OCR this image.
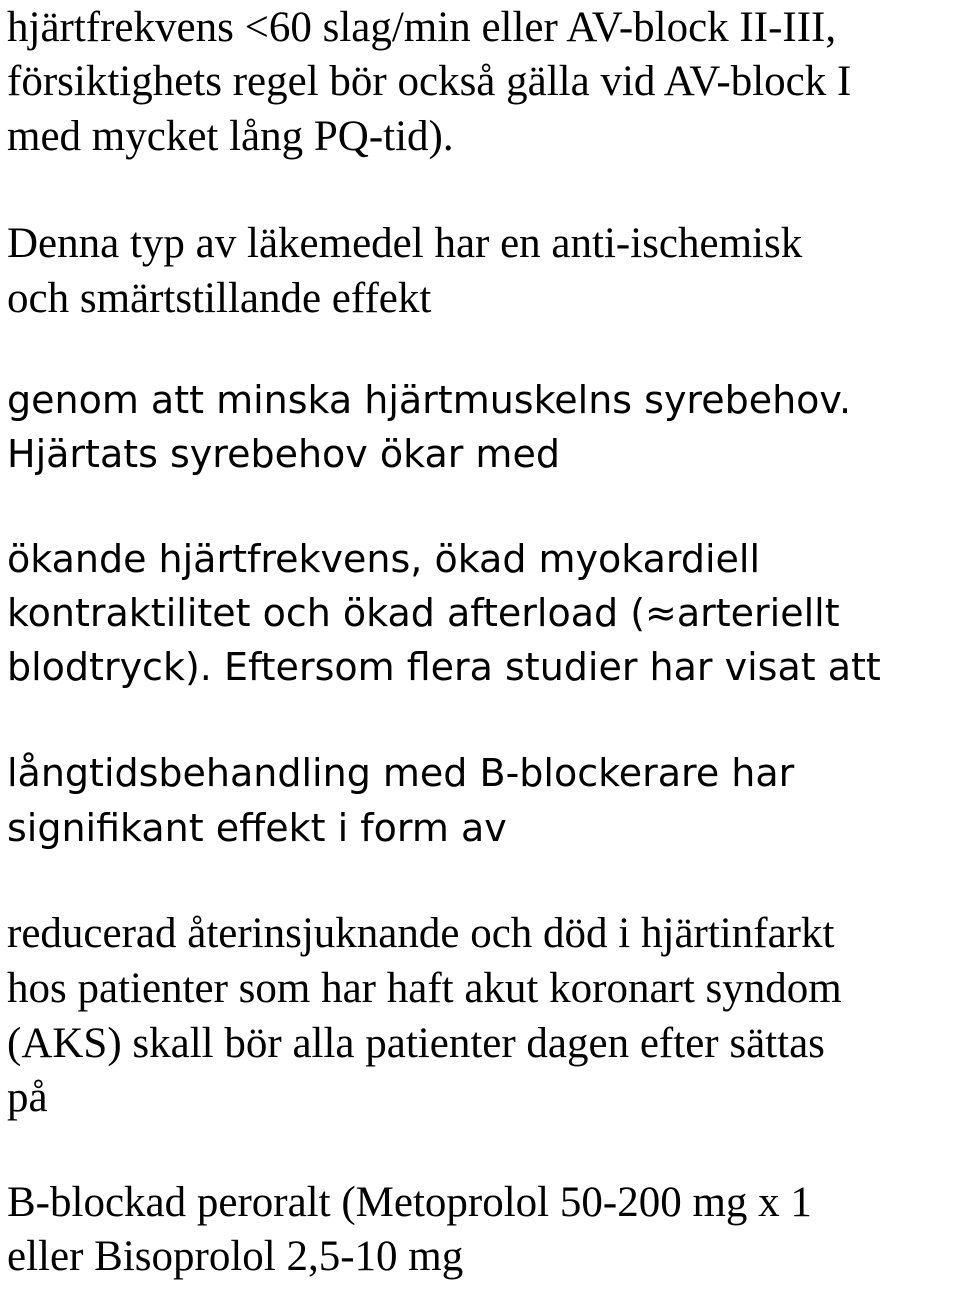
hjärtfrekvens <60 slag/min eller AV-block II-III,
försiktighets regel bör också gälla vid AV-block I
med mycket lång PQ-tid).
Denna typ av läkemedel har en anti-ischemisk
och smärtstillande effekt
genom att minska hjärtmuskelns syrebehov.
Hjärtats syrebehov ökar med
ökande hjärtfrekvens, ökad myokardiell
kontraktilitet och ökad afterload (≈arteriellt
blodtryck). Eftersom flera studier har visat att
långtidsbehandling med B-blockerare har
signifikant effekt i form av
reducerad återinsjuknande och död i hjärtinfarkt
hos patienter som har haft akut koronart syndom
(AKS) skall bör alla patienter dagen efter sättas
på
B-blockad peroralt (Metoprolol 50-200 mg x 1
eller Bisoprolol 2,5-10 mg
